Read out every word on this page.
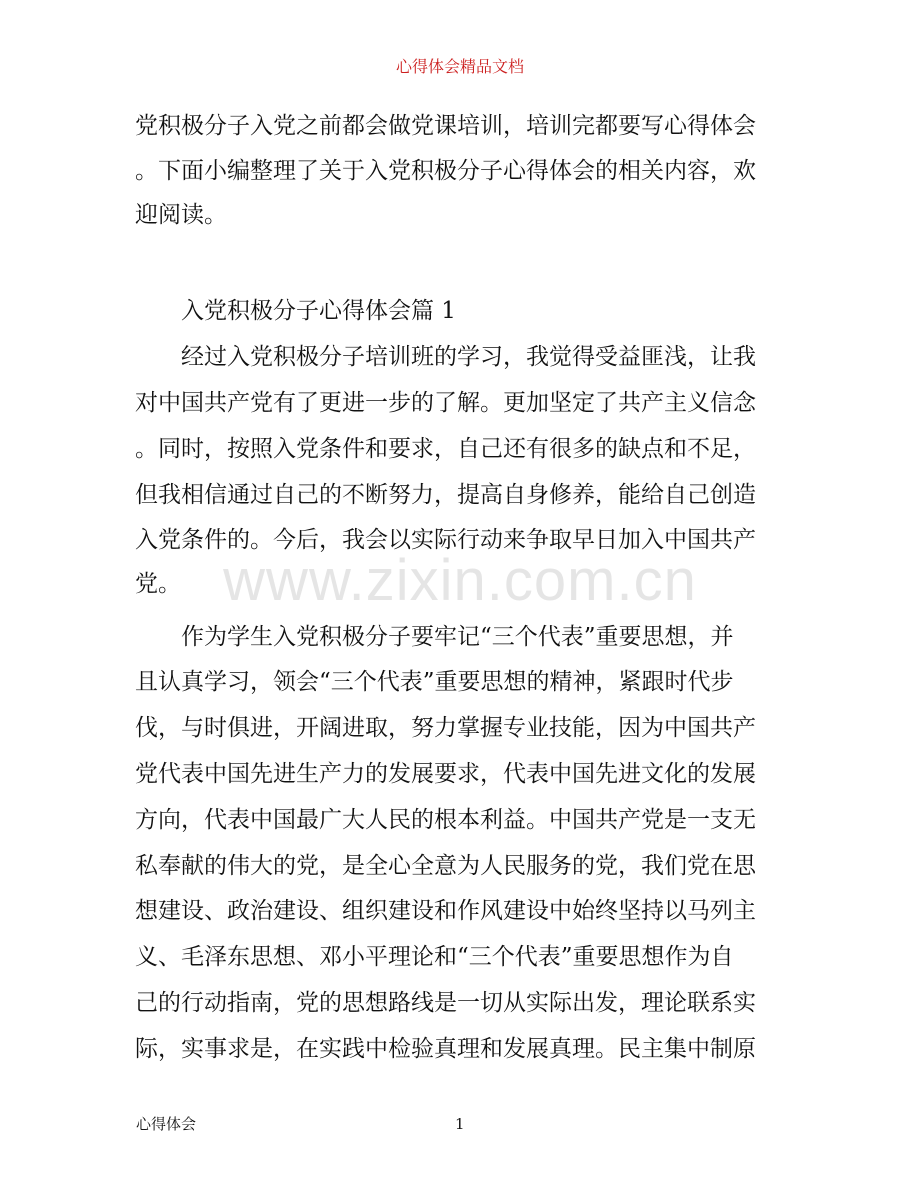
心得体会精品文档
党积极分子入党之前都会做党课培训，培训完都要写心得体会
。下面小编整理了关于入党积极分子心得体会的相关内容，欢
迎阅读。
　　入党积极分子心得体会篇 1
　　经过入党积极分子培训班的学习，我觉得受益匪浅，让我
对中国共产党有了更进一步的了解。更加坚定了共产主义信念
。同时，按照入党条件和要求，自己还有很多的缺点和不足，
但我相信通过自己的不断努力，提高自身修养，能给自己创造
入党条件的。今后，我会以实际行动来争取早日加入中国共产
党。
　　作为学生入党积极分子要牢记“三个代表”重要思想，并
且认真学习，领会“三个代表”重要思想的精神，紧跟时代步
伐，与时俱进，开阔进取，努力掌握专业技能，因为中国共产
党代表中国先进生产力的发展要求，代表中国先进文化的发展
方向，代表中国最广大人民的根本利益。中国共产党是一支无
私奉献的伟大的党，是全心全意为人民服务的党，我们党在思
想建设、政治建设、组织建设和作风建设中始终坚持以马列主
义、毛泽东思想、邓小平理论和“三个代表”重要思想作为自
己的行动指南，党的思想路线是一切从实际出发，理论联系实
际，实事求是，在实践中检验真理和发展真理。民主集中制原
www.zixin.com.cn
心得体会	1
